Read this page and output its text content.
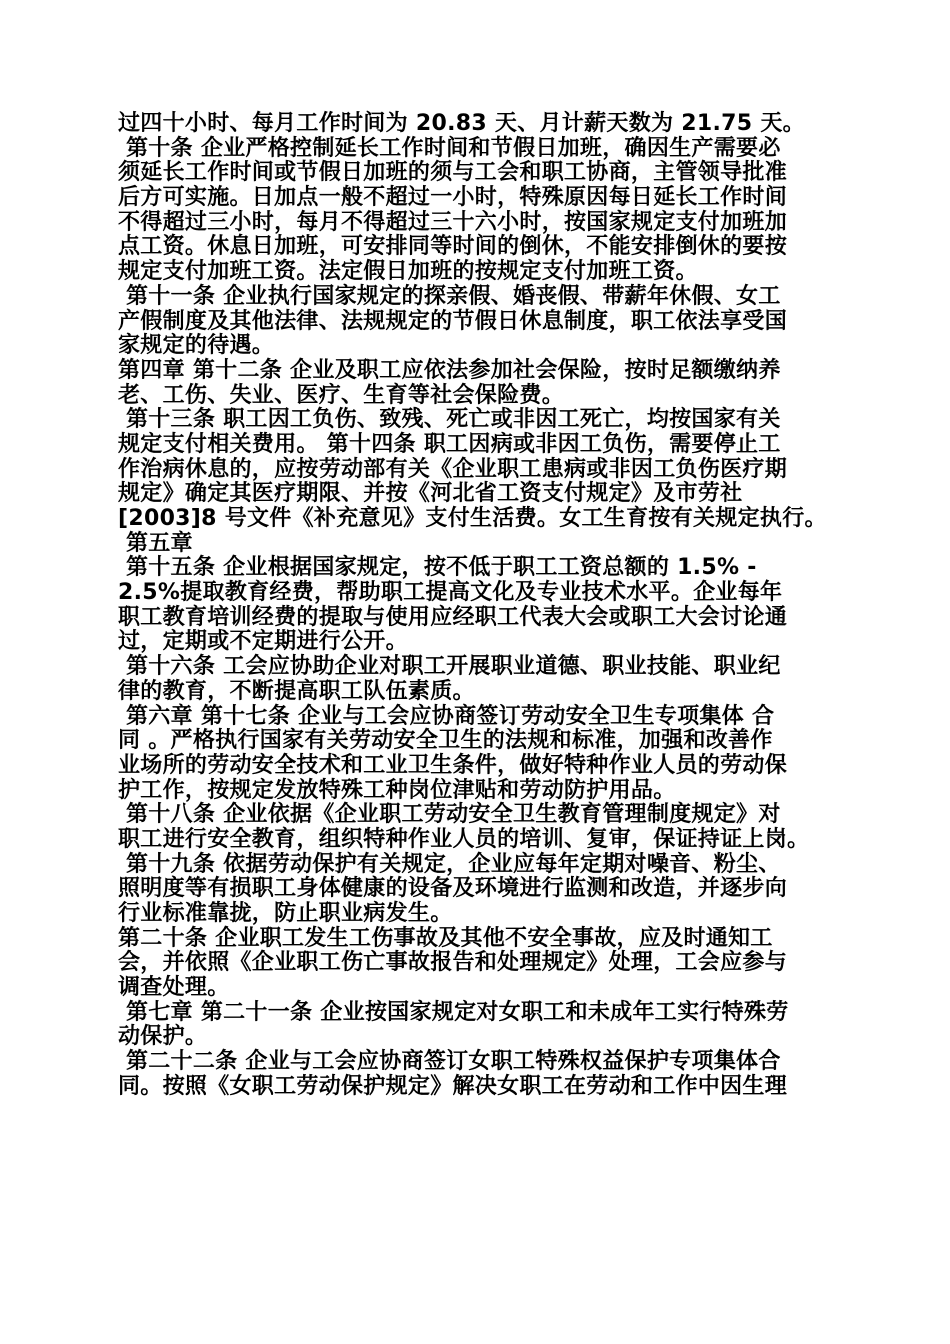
过四十小时、每月工作时间为 20.83 天、月计薪天数为 21.75 天。
第十条 企业严格控制延长工作时间和节假日加班，确因生产需要必
须延长工作时间或节假日加班的须与工会和职工协商，主管领导批准
后方可实施。日加点一般不超过一小时，特殊原因每日延长工作时间
不得超过三小时，每月不得超过三十六小时，按国家规定支付加班加
点工资。休息日加班，可安排同等时间的倒休，不能安排倒休的要按
规定支付加班工资。法定假日加班的按规定支付加班工资。
第十一条 企业执行国家规定的探亲假、婚丧假、带薪年休假、女工
产假制度及其他法律、法规规定的节假日休息制度，职工依法享受国
家规定的待遇。
第四章 第十二条 企业及职工应依法参加社会保险，按时足额缴纳养
老、工伤、失业、医疗、生育等社会保险费。
第十三条 职工因工负伤、致残、死亡或非因工死亡，均按国家有关
规定支付相关费用。 第十四条 职工因病或非因工负伤，需要停止工
作治病休息的，应按劳动部有关《企业职工患病或非因工负伤医疗期
规定》确定其医疗期限、并按《河北省工资支付规定》及市劳社
[2003]8 号文件《补充意见》支付生活费。女工生育按有关规定执行。
第五章
第十五条 企业根据国家规定，按不低于职工工资总额的 1.5% -
2.5%提取教育经费，帮助职工提高文化及专业技术水平。企业每年
职工教育培训经费的提取与使用应经职工代表大会或职工大会讨论通
过，定期或不定期进行公开。
第十六条 工会应协助企业对职工开展职业道德、职业技能、职业纪
律的教育，不断提高职工队伍素质。
第六章 第十七条 企业与工会应协商签订劳动安全卫生专项集体 合
同 。严格执行国家有关劳动安全卫生的法规和标准，加强和改善作
业场所的劳动安全技术和工业卫生条件，做好特种作业人员的劳动保
护工作，按规定发放特殊工种岗位津贴和劳动防护用品。
第十八条 企业依据《企业职工劳动安全卫生教育管理制度规定》对
职工进行安全教育，组织特种作业人员的培训、复审，保证持证上岗。
第十九条 依据劳动保护有关规定，企业应每年定期对噪音、粉尘、
照明度等有损职工身体健康的设备及环境进行监测和改造，并逐步向
行业标准靠拢，防止职业病发生。
第二十条 企业职工发生工伤事故及其他不安全事故，应及时通知工
会，并依照《企业职工伤亡事故报告和处理规定》处理，工会应参与
调查处理。
第七章 第二十一条 企业按国家规定对女职工和未成年工实行特殊劳
动保护。
第二十二条 企业与工会应协商签订女职工特殊权益保护专项集体合
同。按照《女职工劳动保护规定》解决女职工在劳动和工作中因生理
